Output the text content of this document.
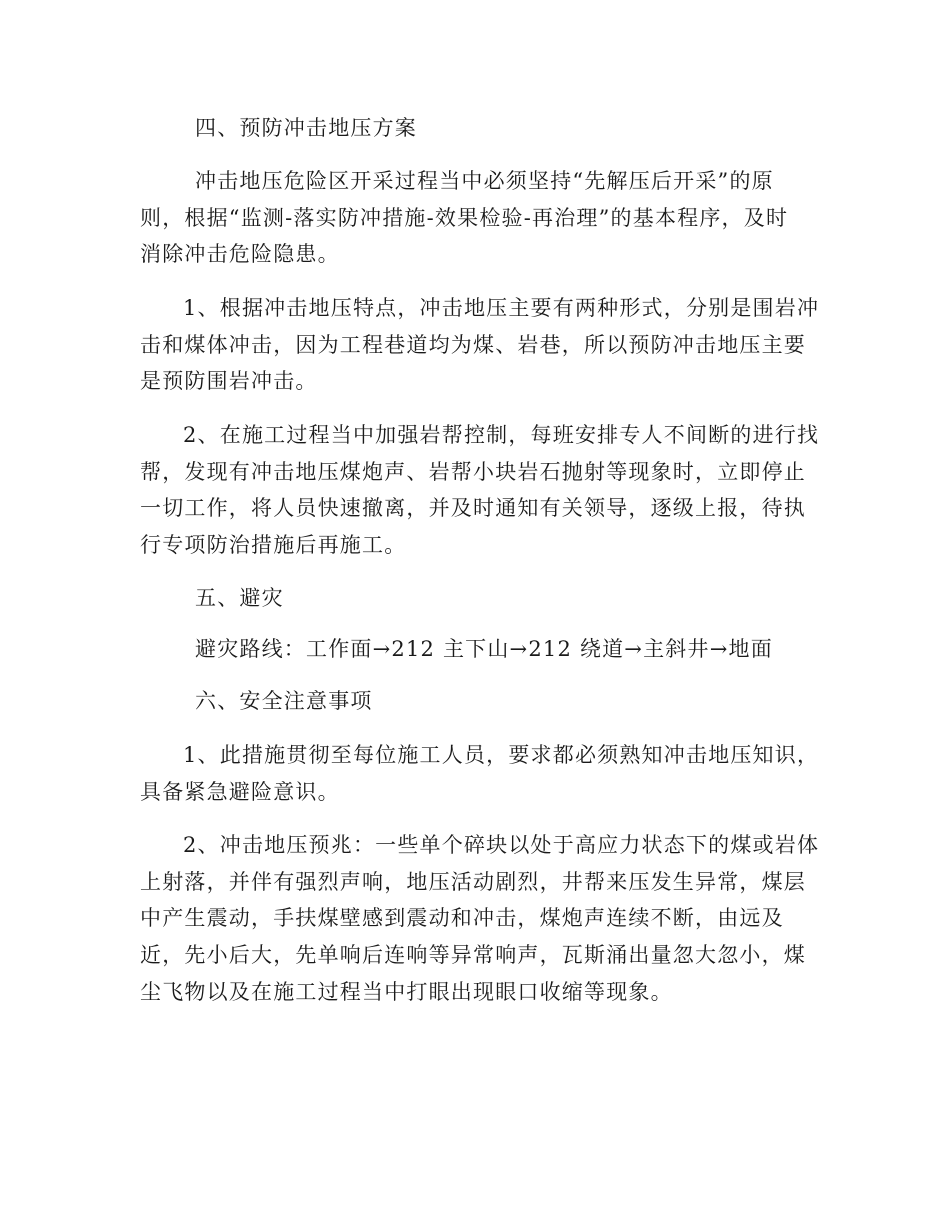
四、预防冲击地压方案
冲击地压危险区开采过程当中必须坚持“先解压后开采”的原
则，根据“监测-落实防冲措施-效果检验-再治理”的基本程序，及时
消除冲击危险隐患。
1、根据冲击地压特点，冲击地压主要有两种形式，分别是围岩冲
击和煤体冲击，因为工程巷道均为煤、岩巷，所以预防冲击地压主要
是预防围岩冲击。
2、在施工过程当中加强岩帮控制，每班安排专人不间断的进行找
帮，发现有冲击地压煤炮声、岩帮小块岩石抛射等现象时，立即停止
一切工作，将人员快速撤离，并及时通知有关领导，逐级上报，待执
行专项防治措施后再施工。
五、避灾
避灾路线：工作面→212 主下山→212 绕道→主斜井→地面
六、安全注意事项
1、此措施贯彻至每位施工人员，要求都必须熟知冲击地压知识，
具备紧急避险意识。
2、冲击地压预兆：一些单个碎块以处于高应力状态下的煤或岩体
上射落，并伴有强烈声响，地压活动剧烈，井帮来压发生异常，煤层
中产生震动，手扶煤壁感到震动和冲击，煤炮声连续不断，由远及
近，先小后大，先单响后连响等异常响声，瓦斯涌出量忽大忽小，煤
尘飞物以及在施工过程当中打眼出现眼口收缩等现象。
